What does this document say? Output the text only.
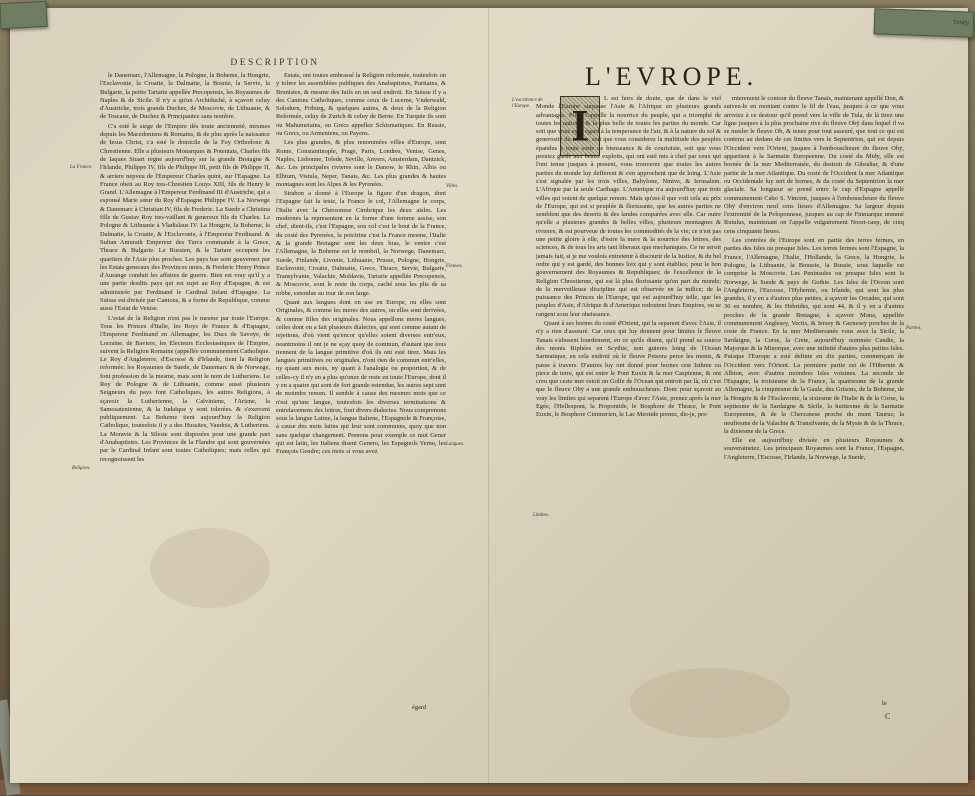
Trinity
DESCRIPTION	L'EVROPE.
La France.
Religion.
Villes.
Fleuves.
Langues.
Limites.
L'excellence de l'Europe.
Parties.
I

le Danemarc, l'Allemagne, la Pologne, la Boheme, la Hongrie, l'Esclavonie, la Croatie, la Dalmatie, la Bosnie, la Servie, la Bulgarie, la petite Tartarie appellée Precopensis, les Royaumes de Naples & de Sicile. Il n'y a qu'un Archiduché, à sçavoir celuy d'Austriche, trois grands Duchez, de Moscovie, de Lithuanie, & de Toscane, de Duchez & Principautez sans nombre.

C'a esté le siege de l'Empire dès toute ancienneté, mesmes depuis les Macedoniens & Romains, & de plus après la naissance de Iesus Christ, c'a esté le domicile de la Foy Orthodoxe & Chrestienne. Elle a plusieurs Monarques & Potentats, Charles fils de Iaques Stuart regne aujourd'huy sur la grande Bretagne & l'Irlande, Philippe IV, fils de Philippe III, petit fils de Philippe II, & arriere nepveu de l'Empereur Charles quint, sur l'Espagne. La France obeit au Roy tres-Chrestien Louys XIII, fils de Henry le Grand. L'Allemagne à l'Empereur Ferdinand III d'Austriche, qui a espousé Marie sœur du Roy d'Espagne Philippe IV. La Norwege & Danemarc à Christian IV, fils de Frederic. La Suede a Christina fille de Gustav Roy tres-vaillant & genereux fils de Charles. La Pologne & Lithuanie à Vladislaus IV. La Hongrie, la Boheme, la Dalmatie, la Croatie, & l'Esclavonie, à l'Empereur Ferdinand. & Sultan Amurath Empereur des Turcs commande à la Grece, Thrace & Bulgarie. Le Russien, & le Tartare occupent les quartiers de l'Asie plus proches. Les pays bas sont gouvernez par les Estats generaux des Provinces unies, & Frederic Henry Prince d'Aurange conduit les affaires de guerre. Bien est vray qu'il y a une partie desdits pays qui est sujet au Roy d'Espagne, & est administrée par Ferdinand le Cardinal Infant d'Espagne. La Suisse est divisée par Cantons, & a forme de Republique, comme aussi l'Estat de Venise.

L'estat de la Religion n'est pas le mesme par toute l'Europe. Tous les Princes d'Italie, les Roys de France & d'Espagne, l'Empereur Ferdinand en Allemagne, les Ducs de Savoye, de Lorraine, de Baviere, les Electeurs Ecclesiastiques de l'Empire, suivent la Religion Romaine (appellée communement Catholique. Le Roy d'Angleterre, d'Escosse & d'Irlande, tient la Religion reformée; les Royaumes de Suede, de Danemarc & de Norwege, font profession de la mesme, mais sont le nom de Lutheriens. Le Roy de Pologne & de Lithuanie, comme aussi plusieurs Seigneurs du pays font Catholiques, les autres Religions, à sçavoir la Lutherienne, la Calviniene, l'Ariene, la Samosatenienne, & la Iudaïque y sont tolerées. & s'exercent publiquement. La Boheme tient aujourd'huy la Religion Catholique, toutesfois il y a des Hussites, Vaudois, & Lutheriens. La Moravie & la Silesie sont disposées pour une grande part d'Anabaptistes. Les Provinces de la Flandre qui sont gouvernées par le Cardinal Infant sont toutes Catholiques; mais celles qui recognoissent les

Estats, ont toutes embrassé la Religion reformée, toutesfois on y tolere les assemblées publiques des Anabaptistes, Puritains, & Brunistes, & mesme des Iuifs en un seul endroit. En Suisse il y a des Cantons Catholiques, comme ceux de Lucerne, Vnderwald, Solodurn, Friburg, & quelques autres, & deux de la Religion Reformée, celuy de Zurich & celuy de Berne. En Turquie ils sont ou Mahumetains, ou Grecs appellez Schismatiques. En Russie, ou Grecs, ou Armeniens, ou Payens.

Les plus grandes, & plus renommées villes d'Europe, sont Rome, Constantinople, Prage, Paris, Londres, Venise, Genes, Naples, Lisbonne, Tolede, Seville, Anvers, Amsterdam, Dantzick, &c. Les principales rivieres sont le Danow, le Rhin, Albis ou Elbium, Vistula, Neper, Tanais, &c. Les plus grandes & hautes montagnes sont les Alpes & les Pyrenées.

Strabon a donné à l'Europe la figure d'un dragon, dont l'Espagne fait la teste, la France le col, l'Allemagne le corps, l'Italie avec la Chersonese Cimbrique les deux aisles. Les modernes la representent en la forme d'une femme assise, son chef, dient-ils, c'est l'Espagne, son col c'est le bout de la France, du costé des Pyrenées, la poictrine c'est la France mesme, l'Italie & la grande Bretagne sont les deux bras, le ventre c'est l'Allemagne, la Boheme est le nombril, la Norwege, Danemarc, Suede, Finlande, Livonie, Lithuanie, Prusse, Pologne, Hongrie, Esclavonie, Croatie, Dalmatie, Grece, Thrace, Servie, Bulgarie, Transylvanie, Valachie, Moldavie, Tartarie appellée Precopensis, & Moscovie, sont le reste du corps, caché sous les plis de sa robbe, estendue au tour de son large.

Quant aux langues dont on use en Europe, ou elles sont Originales, & comme les meres des autres, ou elles sont derivées, & comme filles des originales. Nous appellons meres langues, celles dont on a fait plusieurs dialectes, qui sont comme autant de rejettons, d'où vient qu'encor qu'elles soient diverses entr'eux, neantmoins il ont je ne sçay quoy de commun, d'autant que tous tiennent de la langue primitive d'où ils ont esté tirez. Mais les langues primitives ou originales, n'ont rien de commun entr'elles, ny quant aux mots, ny quant à l'analogie ou proportion, & de celles-cy il n'y en a plus qu'onze de reste en toute l'Europe, dont il y en a quatre qui sont de fort grande estendue, les autres sept sont de moindre renom. Il semble à cause des mesmes mots que ce n'est qu'une langue, toutesfois les diverses terminaisons & entrelacemens des lettres, font divers dialectes. Nous comprenons sous la langue Latine, la langue Italiene, l'Espagnole & Françoise, à cause des mots latins qui leur sont communes, quoy que non sans quelque changement. Prenons pour exemple ce mot Gener qui est latin, les Italiens disent Genero, les Espagnols Yerno, les François Gendre; ces mots si vous avez

L est hors de doute, que de dans le viel Monde l'Europe surpasse l'Asie & l'Afrique en plusieurs grands advantages. Pline l'appelle la nourrice du peuple, qui a triomphé de toutes les nations, & la plus belle de toutes les parties du monde. Car soit que vous ayez égard à la temperance de l'air, & à la nature du sol & generosité du terroir, soit que vous considerez la multitude des peuples épandus à toute sorte de bienseance & de courtoisie, soit que vous preniez garde aux beaux exploits, qui ont esté mis à chef par ceux qui l'ont tenue jusques à present, vous trouverez que toutes les autres parties du monde luy defferent & s'en approchent que de loing. L'Asie s'est signalée par les trois villes, Babylone, Ninive, & Ierusalem. L'Afrique par la seule Carthage. L'Amerique n'a aujourd'huy que trois villes qui soient de quelque renom. Mais qu'est-il que voit cela au prix de l'Europe, qui est si peuplée & florissante, que les autres parties ne semblent que des deserts & des landes comparées avec elle. Car outre qu'elle a plusieurs grandes & belles villes, plusieurs montagnes & rivieres, & est pourveue de toutes les commodités de la vie; ce n'est pas une petite gloire à elle, d'estre la mere & la nourrice des lettres, des sciences, & de tous les arts tant liberaux que mechaniques. Ce ne seroit jamais fait, si je me voulois entretenir à discourir de la Iustice, & du bel ordre qui y est gardé, des bonnes loix qui y sont établies; pour le bon gouvernement des Royaumes & Republiques; de l'excellence de la Religion Chrestienne, qui est là plus florissante qu'en part du monde; de la merveilleuse discipline qui est observée en la milice; de la puissance des Princes de l'Europe, qui est aujourd'huy telle, que les peuples d'Asie, d'Afrique & d'Amerique redoutent leurs Empires, ou se rangent sous leur obeissance.

Quant à ses bornes du costé d'Orient, qui la separent d'avec l'Asie, il n'y a rien d'asseuré. Car ceux qui luy donnent pour limites le fleuve Tanais s'abusent lourdement, en ce qu'ils disent, qu'il prend sa source des monts Riphées en Scythie, non guieres loing de l'Ocean Sarmatique, en cela endroit où le fleuve Petsora perce les monts, & passe à travers. D'autres luy ont donné pour bornes cest Isthme ou piece de terre, qui est entre le Pont Euxin & la mer Caspienne, & ont creu que ceste mer estoit un Golfe de l'Ocean qui entroit par là, où c'est que le fleuve Obÿ a une grande embouscheure. Donc pour sçavoir au vray les limites qui separent l'Europe d'avec l'Asie, prenez après la mer Egée, l'Hellespont, la Propontide, le Bosphore de Thrace, le Pont Euxin, le Bosphore Cimmerien, le Lac Meotide prenez, dis-je, pre-

mierement le contour du fleuve Tanaïs, maintenant appellé Don, & suivez-le en montant contre le fil de l'eau, jusques à ce que vous arriviez à ce destour qu'il prend vers la ville de Tula, de là tirez une ligne jusques à la plus prochaine rive du fleuve Obÿ dans lequel il va se mesler le fleuve Ob, & tenez pour tout asseuré, que tout ce qui est contenu au dedans de ces limites vers le Septentrion, qui est depuis l'Occident vers l'Orient, jusques à l'embouscheure du fleuve Obÿ, appartient à la Sarmatie Europeenne. Du costé du Midy, elle est bornée de la mer Mediterranée, du destroit de Gibraltar, & d'une partie de la mer Atlantique. Du costé de l'Occident la mer Atlantique ou Occidentale luy sert de bornes, & du costé du Septentrion la mer glaciale. Sa longueur se prend entre le cap d'Espagne appellé communement Cabo S. Vincent, jusques à l'embouscheure du fleuve Obÿ d'environ neuf cens lieues d'Allemagne. Sa largeur depuis l'extremité de la Peloponnese, jusques au cap de Finmarque nommé Rutulus, maintenant on l'appelle vulgairement Noort-caep, de cinq cens cinquante lieues.

Les contrées de l'Europe sont en partie des terres fermes, en parties des Isles ou presque Isles. Les terres fermes sont l'Espagne, la France, l'Allemagne, l'Italie, l'Hollande, la Grece, la Hongrie, la Pologne, la Lithuanie, la Boussie, la Russie, sous laquelle est comprise la Moscovie. Les Peninsules ou presque Isles sont la Norwege, la Suede & pays de Gothie. Les Isles de l'Ocean sont l'Angleterre, l'Escosse, l'Hybernie, ou Irlande, qui sont les plus grandes, il y en a d'autres plus petites, à sçavoir les Orcades, qui sont 30 en nombre, & les Hebrides, qui sont 44, & il y en a d'autres proches de la grande Bretagne, à sçavoir Mona, appellée communement Anglesey, Vectis, & Iersey & Gernesey proches de la coste de France. En la mer Mediterranée vous avez la Sicile, la Sardaigne, la Corse, la Crete, aujourd'huy nommée Candie, la Majorque & la Minorque, avec une infinité d'autres plus petites Isles. Puisque l'Europe a esté definie en dix parties, commençant de l'Occident vers l'Orient. La premiere partie est de l'Hibernie & Albion, avec d'autres moindres Isles voisines. La seconde de l'Espagne, la troisiesme de la France, la quatriesme de la grande Allemagne, la cinquiesme de la Gaule, des Grisons, de la Boheme, de la Hongrie & de l'Esclavonie, la sixiesme de l'Italie & de la Corse, la septiesme de la Sardaigne & Sicile, la huitiesme de la Sarmatie Europeenne, & de la Chersonese proche du mont Taurus; la neufiesme de la Valachie & Transilvanie, de la Mysie & de la Thrace, la dixiesme de la Grece.

Elle est aujourd'huy divisée en plusieurs Royaumes & souverainetez. Les principaux Royaumes sont la France, l'Espagne, l'Angleterre, l'Escosse, l'Irlande, la Norwege, la Suede,

égard
le
C
